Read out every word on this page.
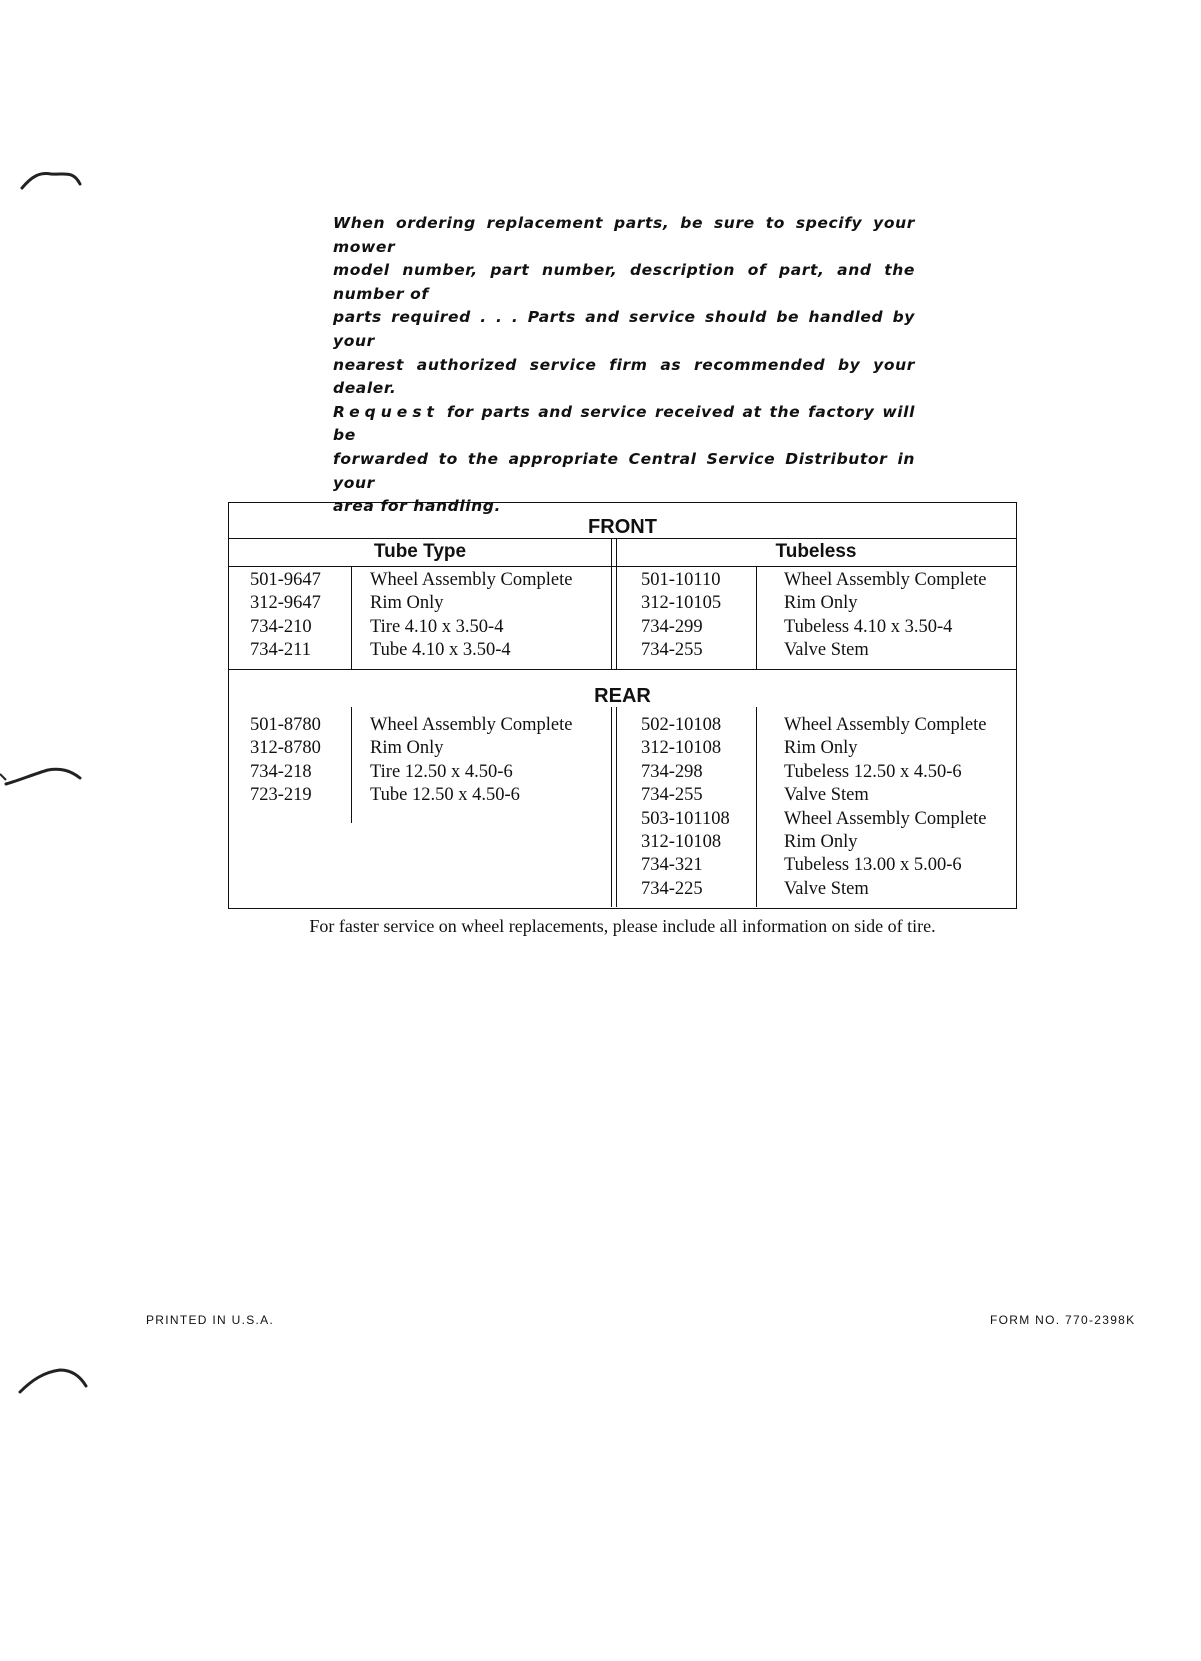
When ordering replacement parts, be sure to specify your mower
model number, part number, description of part, and the number of
parts required . . . Parts and service should be handled by your
nearest authorized service firm as recommended by your dealer.
Request for parts and service received at the factory will be
forwarded to the appropriate Central Service Distributor in your
area for handling.

FRONT
Tube Type	Tubeless
501-9647
312-9647
734-210
734-211
Wheel Assembly Complete
Rim Only
Tire 4.10 x 3.50-4
Tube 4.10 x 3.50-4
501-10110
312-10105
734-299
734-255
Wheel Assembly Complete
Rim Only
Tubeless 4.10 x 3.50-4
Valve Stem
REAR
501-8780
312-8780
734-218
723-219
Wheel Assembly Complete
Rim Only
Tire 12.50 x 4.50-6
Tube 12.50 x 4.50-6
502-10108
312-10108
734-298
734-255
503-101108
312-10108
734-321
734-225
Wheel Assembly Complete
Rim Only
Tubeless 12.50 x 4.50-6
Valve Stem
Wheel Assembly Complete
Rim Only
Tubeless 13.00 x 5.00-6
Valve Stem

For faster service on wheel replacements, please include all information on side of tire.

PRINTED IN U.S.A.	FORM NO. 770-2398K
